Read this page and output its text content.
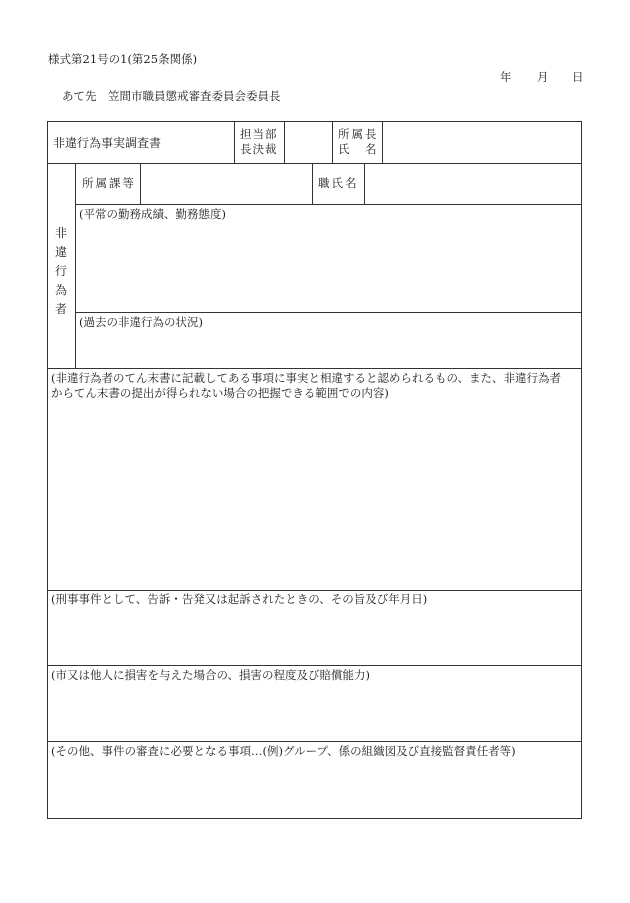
様式第21号の1(第25条関係)
年 月 日
あて先　笠間市職員懲戒審査委員会委員長
非違行為事実調査書
担当部
長決裁
所属長
氏　名
非
違
行
為
者
所属課等	職氏名
(平常の勤務成績、勤務態度)
(過去の非違行為の状況)
(非違行為者のてん末書に記載してある事項に事実と相違すると認められるもの、また、非違行為者
からてん末書の提出が得られない場合の把握できる範囲での内容)
(刑事事件として、告訴・告発又は起訴されたときの、その旨及び年月日)
(市又は他人に損害を与えた場合の、損害の程度及び賠償能力)
(その他、事件の審査に必要となる事項…(例)グループ、係の組織図及び直接監督責任者等)
